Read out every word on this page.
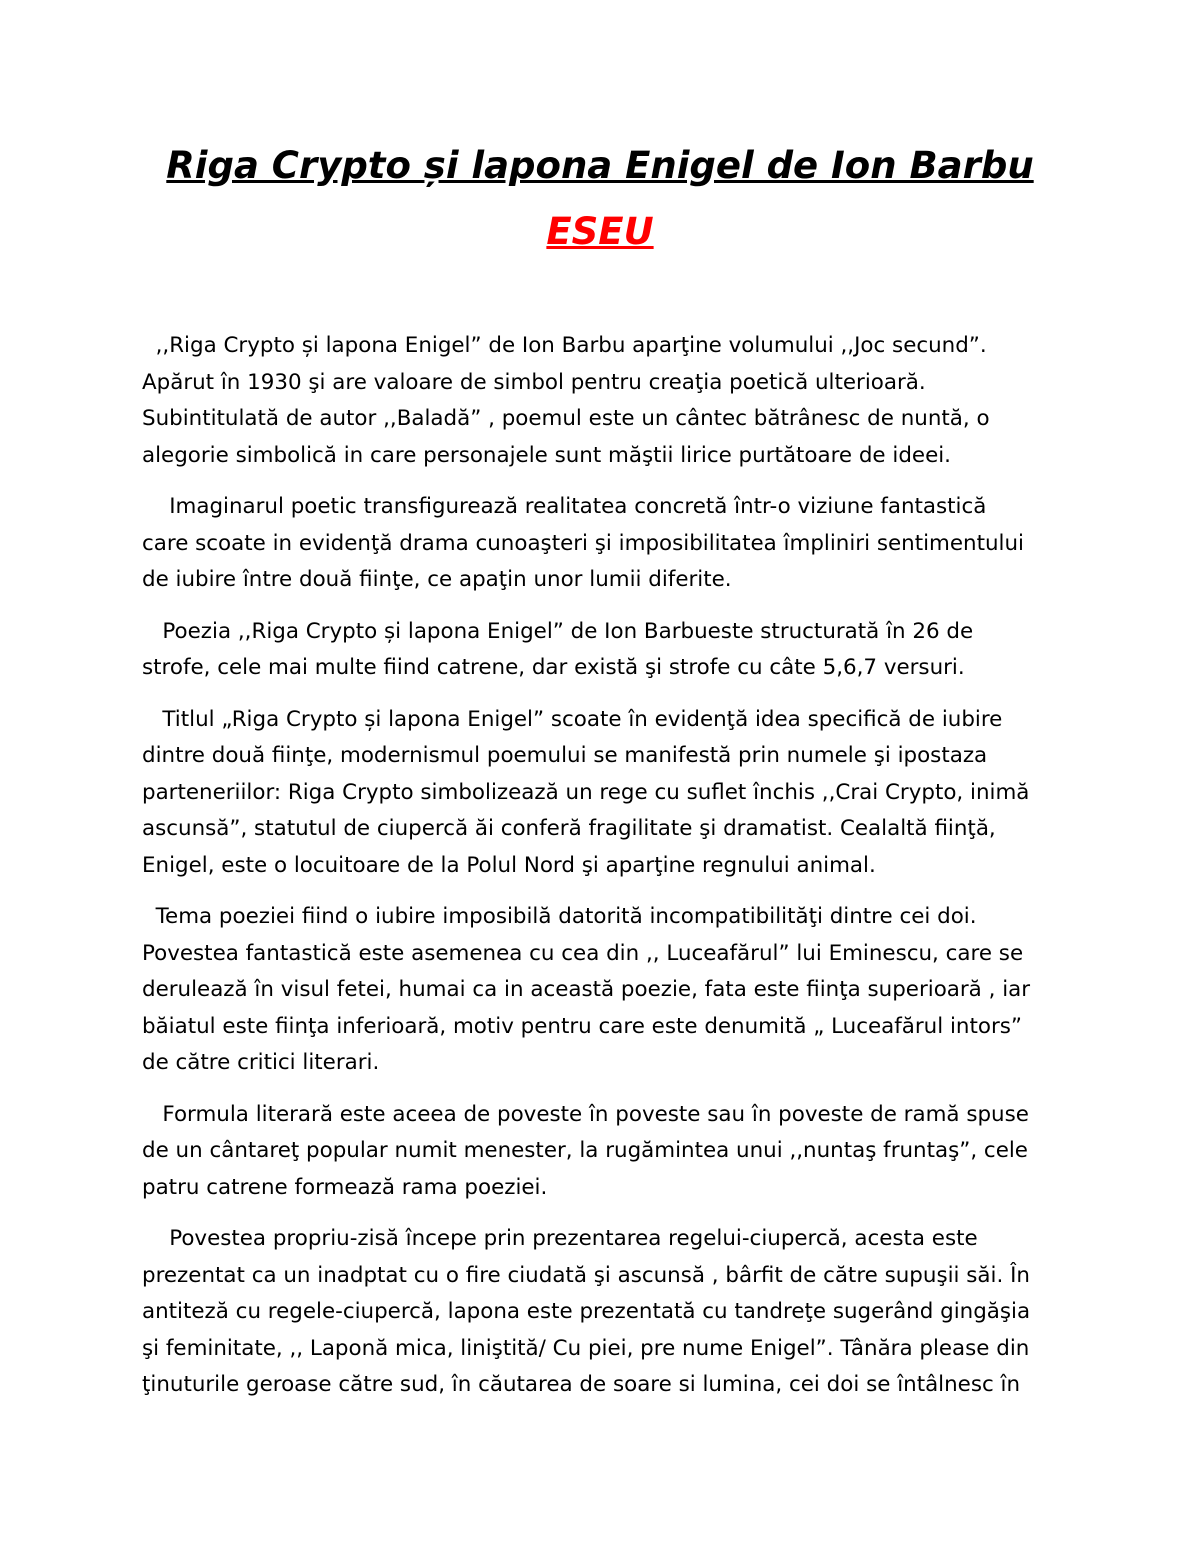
Riga Crypto și lapona Enigel de Ion Barbu
ESEU

,,Riga Crypto și lapona Enigel” de Ion Barbu aparţine volumului ,,Joc secund”.
Apărut în 1930 şi are valoare de simbol pentru creaţia poetică ulterioară.
Subintitulată de autor ,,Baladă” , poemul este un cântec bătrânesc de nuntă, o
alegorie simbolică in care personajele sunt măştii lirice purtătoare de ideei.

Imaginarul poetic transfigurează realitatea concretă într-o viziune fantastică
care scoate in evidenţă drama cunoaşteri şi imposibilitatea împliniri sentimentului
de iubire între două fiinţe, ce apaţin unor lumii diferite.

Poezia ,,Riga Crypto și lapona Enigel” de Ion Barbueste structurată în 26 de
strofe, cele mai multe fiind catrene, dar există şi strofe cu câte 5,6,7 versuri.

Titlul „Riga Crypto și lapona Enigel” scoate în evidenţă idea specifică de iubire
dintre două fiinţe, modernismul poemului se manifestă prin numele şi ipostaza
parteneriilor: Riga Crypto simbolizează un rege cu suflet închis ,,Crai Crypto, inimă
ascunsă”, statutul de ciupercă ăi conferă fragilitate şi dramatist. Cealaltă fiinţă,
Enigel, este o locuitoare de la Polul Nord şi aparţine regnului animal.

Tema poeziei fiind o iubire imposibilă datorită incompatibilităţi dintre cei doi.
Povestea fantastică este asemenea cu cea din ,, Luceafărul” lui Eminescu, care se
derulează în visul fetei, humai ca in această poezie, fata este fiinţa superioară , iar
băiatul este fiinţa inferioară, motiv pentru care este denumită „ Luceafărul intors”
de către critici literari.

Formula literară este aceea de poveste în poveste sau în poveste de ramă spuse
de un cântareţ popular numit menester, la rugămintea unui ,,nuntaş fruntaş”, cele
patru catrene formează rama poeziei.

Povestea propriu-zisă începe prin prezentarea regelui-ciupercă, acesta este
prezentat ca un inadptat cu o fire ciudată şi ascunsă , bârfit de către supuşii săi. În
antiteză cu regele-ciupercă, lapona este prezentată cu tandreţe sugerând gingăşia
şi feminitate, ,, Laponă mica, liniştită/ Cu piei, pre nume Enigel”. Tânăra please din
ţinuturile geroase către sud, în căutarea de soare si lumina, cei doi se întâlnesc în
